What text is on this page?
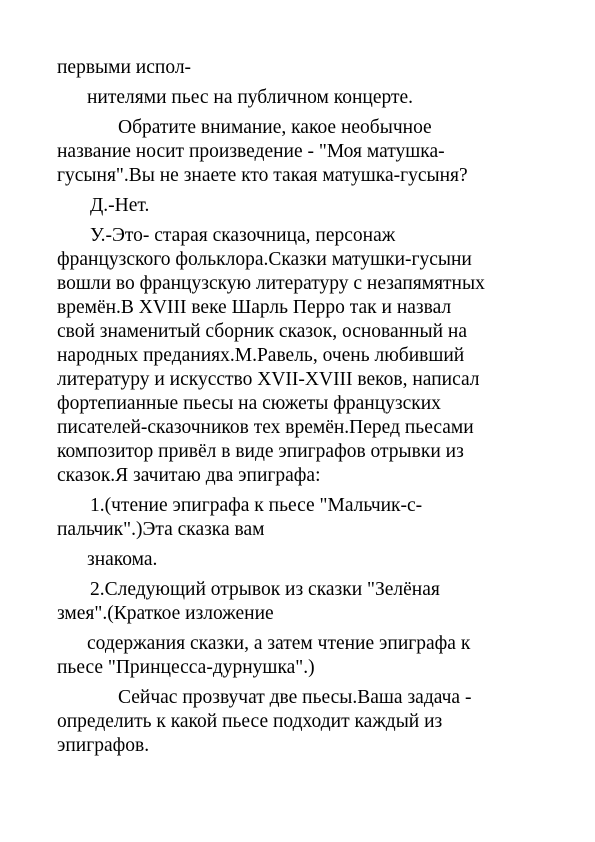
первыми испол-
нителями пьес на публичном концерте.
Обратите внимание, какое необычное
название носит произведение - "Моя матушка-
гусыня".Вы не знаете кто такая матушка-гусыня?
Д.-Нет.
У.-Это- старая сказочница, персонаж
французского фольклора.Сказки матушки-гусыни
вошли во французскую литературу с незапямятных
времён.В XVIII веке Шарль Перро так и назвал
свой знаменитый сборник сказок, основанный на
народных преданиях.М.Равель, очень любивший
литературу и искусство XVII-XVIII веков, написал
фортепианные пьесы на сюжеты французских
писателей-сказочников тех времён.Перед пьесами
композитор привёл в виде эпиграфов отрывки из
сказок.Я зачитаю два эпиграфа:
1.(чтение эпиграфа к пьесе "Мальчик-с-
пальчик".)Эта сказка вам
знакома.
2.Следующий отрывок из сказки "Зелёная
змея".(Краткое изложение
содержания сказки, а затем чтение эпиграфа к
пьесе "Принцесса-дурнушка".)
Сейчас прозвучат две пьесы.Ваша задача -
определить к какой пьесе подходит каждый из
эпиграфов.
